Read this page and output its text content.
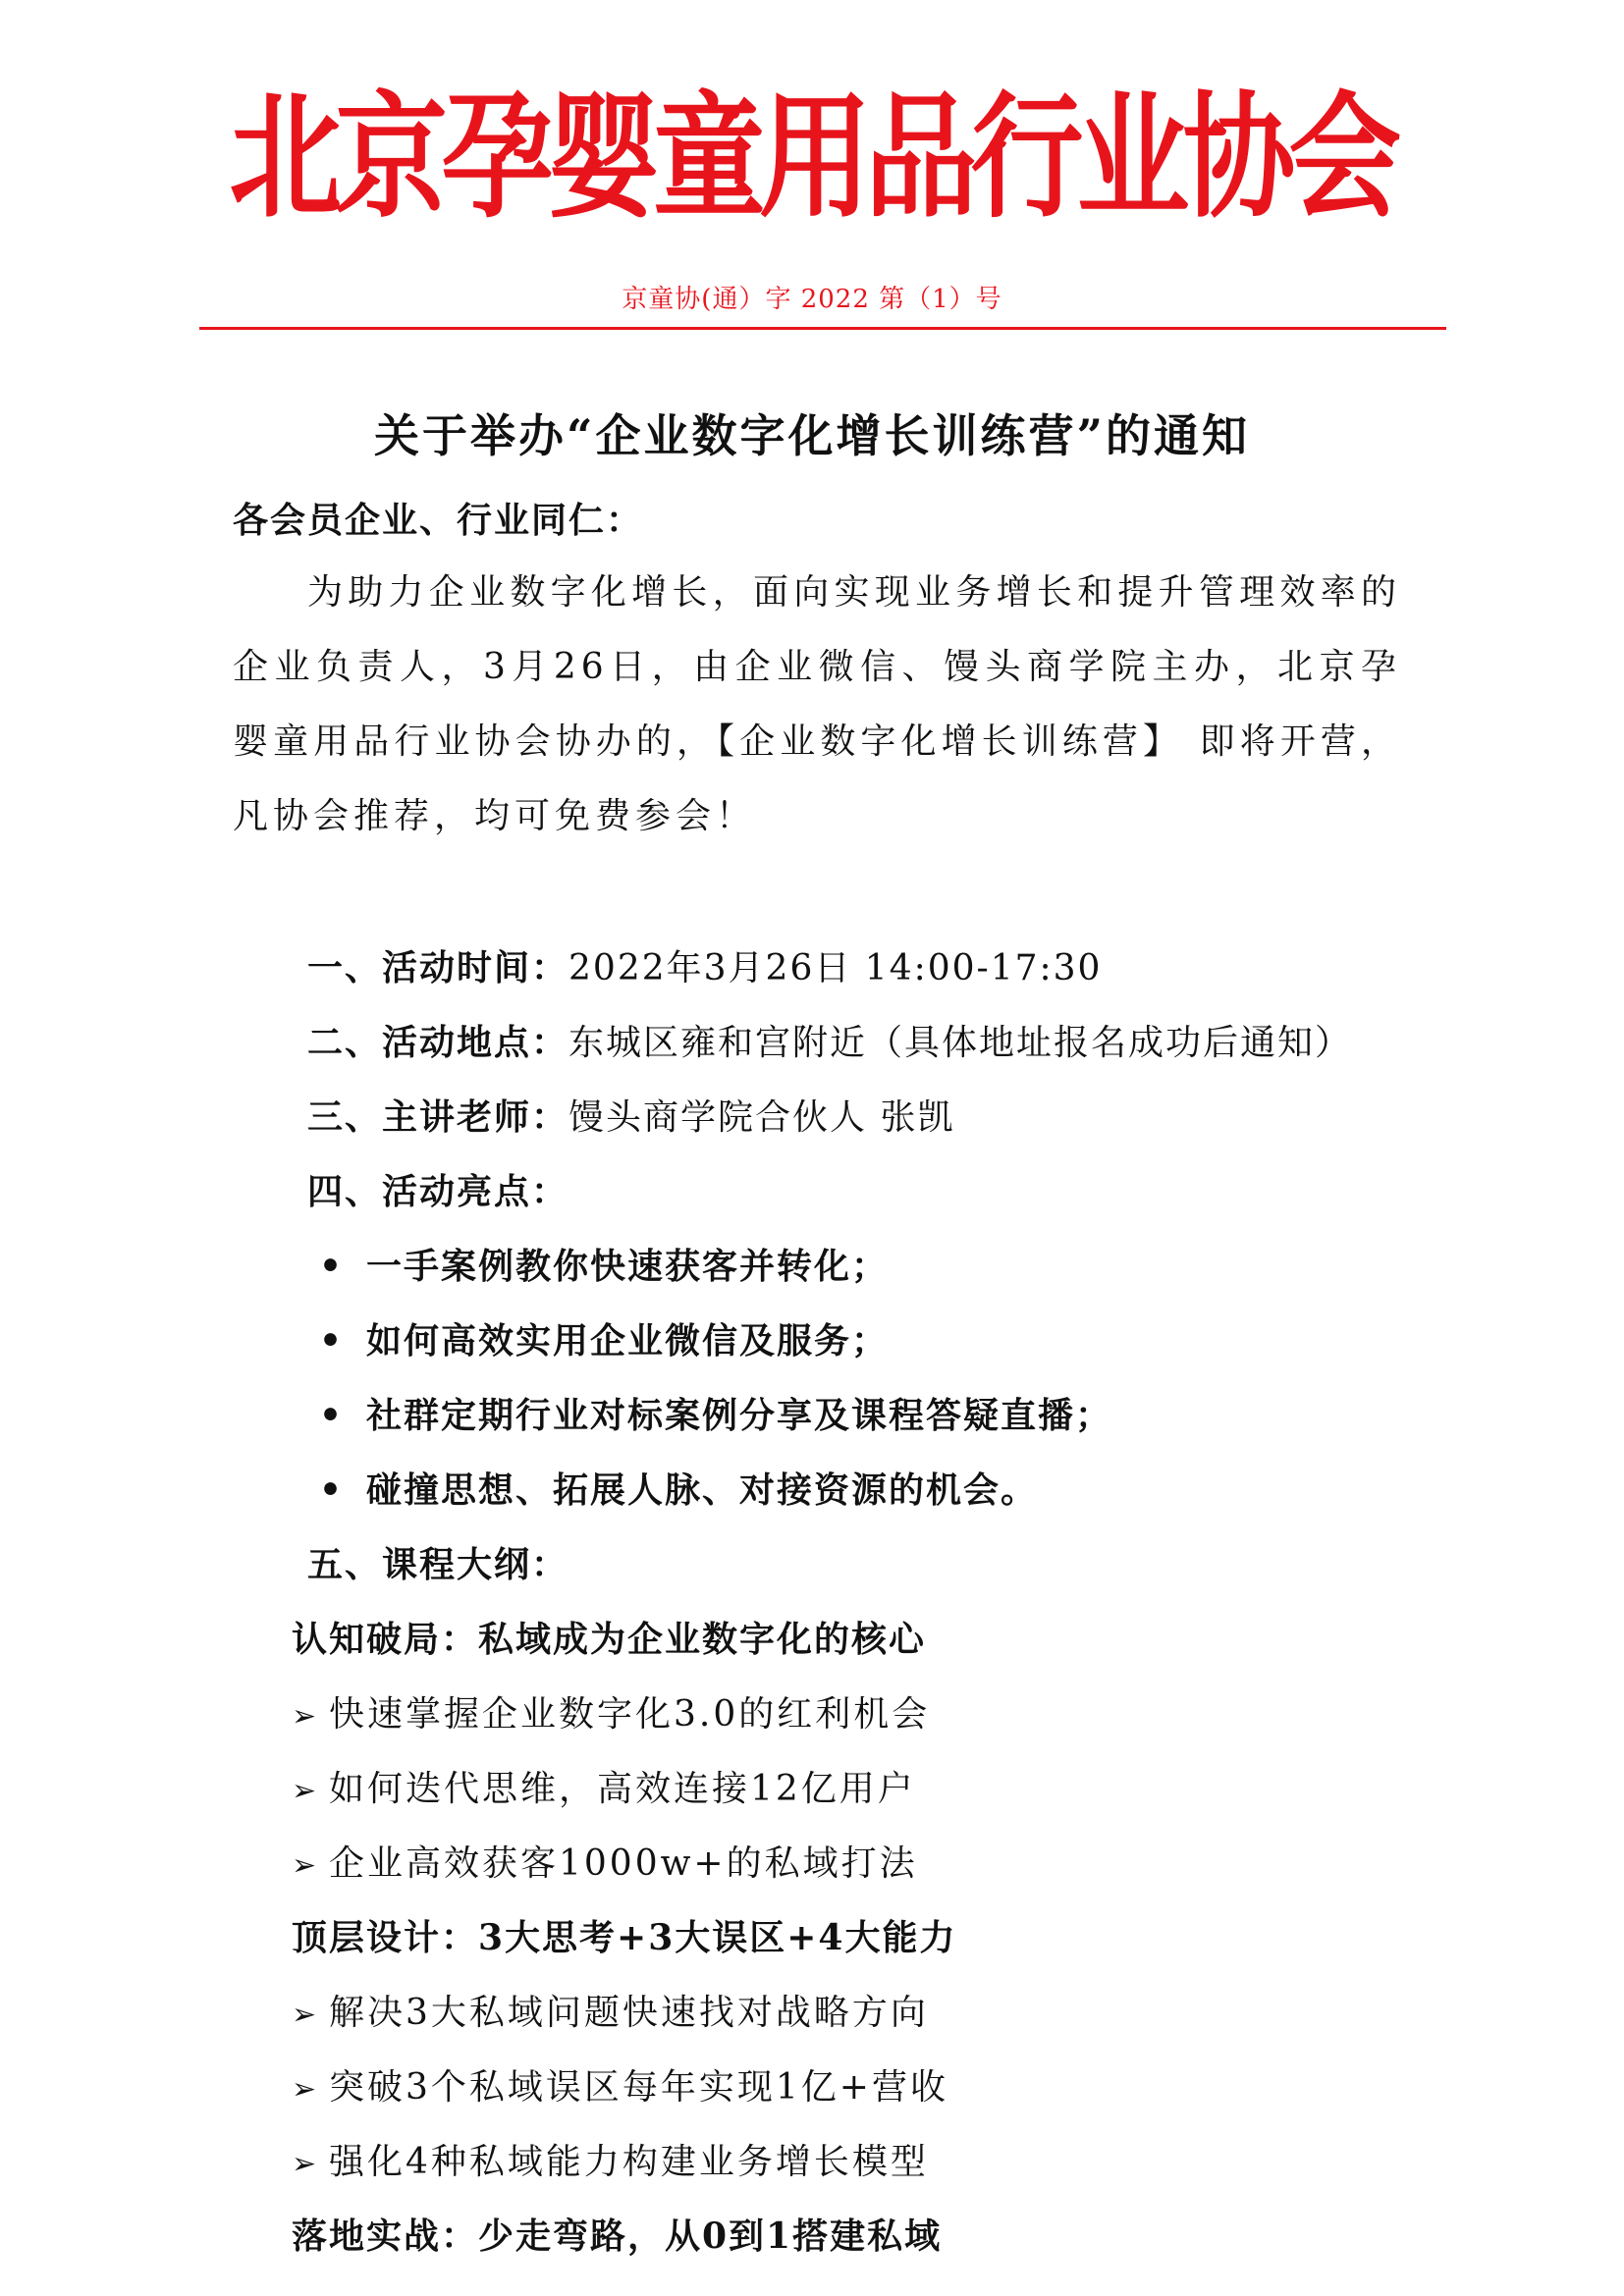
北京孕婴童用品行业协会
京童协(通）字 2022 第（1）号
关于举办“企业数字化增长训练营”的通知
各会员企业、行业同仁：
为助力企业数字化增长，面向实现业务增长和提升管理效率的企业负责人，3月26日，由企业微信、馒头商学院主办，北京孕婴童用品行业协会协办的，【企业数字化增长训练营】 即将开营，凡协会推荐，均可免费参会！
一、活动时间：2022年3月26日 14:00-17:30
二、活动地点：东城区雍和宫附近（具体地址报名成功后通知）
三、主讲老师：馒头商学院合伙人 张凯
四、活动亮点：
• 一手案例教你快速获客并转化；
• 如何高效实用企业微信及服务；
• 社群定期行业对标案例分享及课程答疑直播；
• 碰撞思想、拓展人脉、对接资源的机会。
五、课程大纲：
认知破局：私域成为企业数字化的核心
➢ 快速掌握企业数字化3.0的红利机会
➢ 如何迭代思维，高效连接12亿用户
➢ 企业高效获客1000w+的私域打法
顶层设计：3大思考+3大误区+4大能力
➢ 解决3大私域问题快速找对战略方向
➢ 突破3个私域误区每年实现1亿+营收
➢ 强化4种私域能力构建业务增长模型
落地实战：少走弯路，从0到1搭建私域
